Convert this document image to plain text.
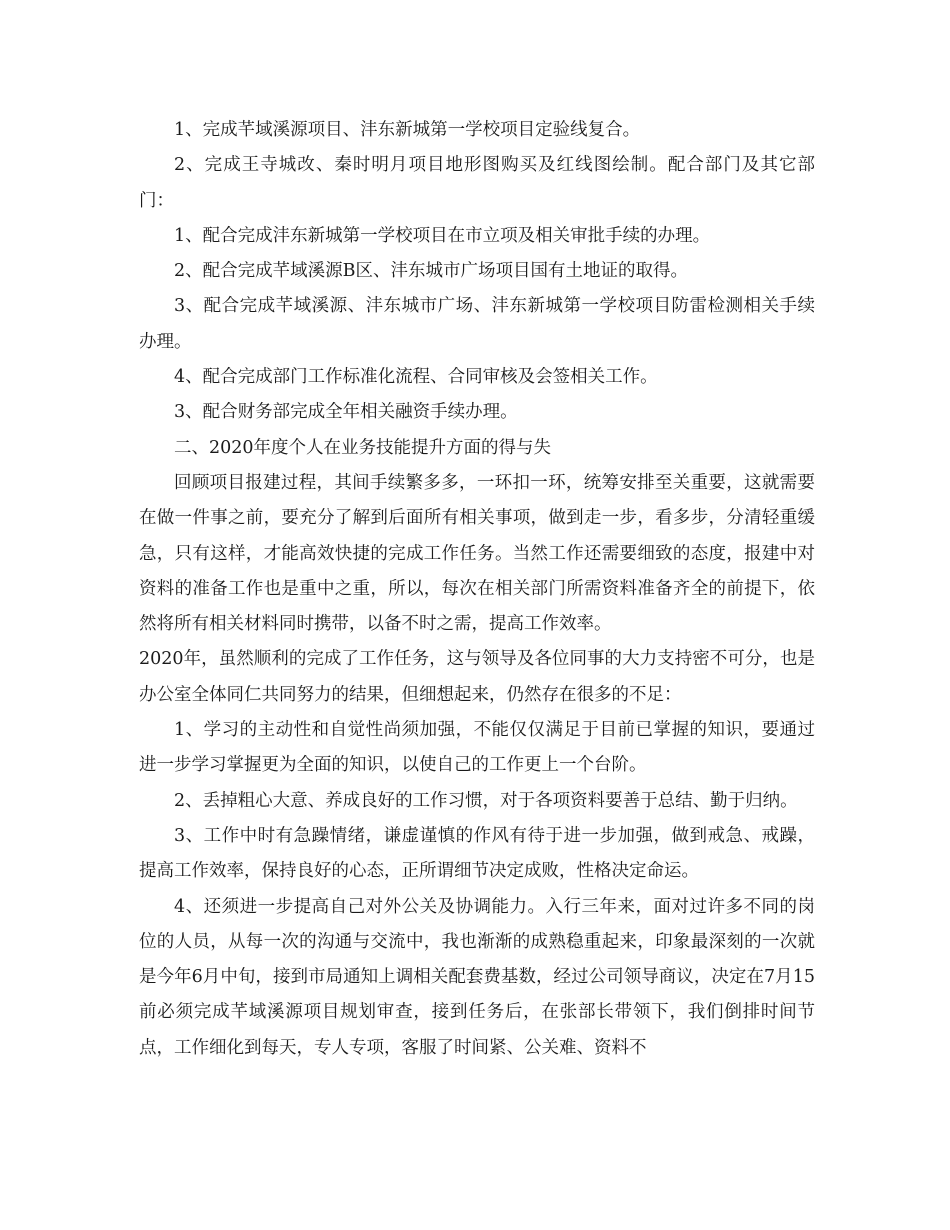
1、完成芊域溪源项目、沣东新城第一学校项目定验线复合。

2、完成王寺城改、秦时明月项目地形图购买及红线图绘制。配合部门及其它部门：

1、配合完成沣东新城第一学校项目在市立项及相关审批手续的办理。

2、配合完成芊域溪源B区、沣东城市广场项目国有土地证的取得。

3、配合完成芊域溪源、沣东城市广场、沣东新城第一学校项目防雷检测相关手续办理。

4、配合完成部门工作标准化流程、合同审核及会签相关工作。

3、配合财务部完成全年相关融资手续办理。

二、2020年度个人在业务技能提升方面的得与失

回顾项目报建过程，其间手续繁多多，一环扣一环，统筹安排至关重要，这就需要在做一件事之前，要充分了解到后面所有相关事项，做到走一步，看多步，分清轻重缓急，只有这样，才能高效快捷的完成工作任务。当然工作还需要细致的态度，报建中对资料的准备工作也是重中之重，所以，每次在相关部门所需资料准备齐全的前提下，依然将所有相关材料同时携带，以备不时之需，提高工作效率。

2020年，虽然顺利的完成了工作任务，这与领导及各位同事的大力支持密不可分，也是办公室全体同仁共同努力的结果，但细想起来，仍然存在很多的不足：

1、学习的主动性和自觉性尚须加强，不能仅仅满足于目前已掌握的知识，要通过进一步学习掌握更为全面的知识，以使自己的工作更上一个台阶。

2、丢掉粗心大意、养成良好的工作习惯，对于各项资料要善于总结、勤于归纳。

3、工作中时有急躁情绪，谦虚谨慎的作风有待于进一步加强，做到戒急、戒躁，提高工作效率，保持良好的心态，正所谓细节决定成败，性格决定命运。

4、还须进一步提高自己对外公关及协调能力。入行三年来，面对过许多不同的岗位的人员，从每一次的沟通与交流中，我也渐渐的成熟稳重起来，印象最深刻的一次就是今年6月中旬，接到市局通知上调相关配套费基数，经过公司领导商议，决定在7月15前必须完成芊域溪源项目规划审查，接到任务后，在张部长带领下，我们倒排时间节点，工作细化到每天，专人专项，客服了时间紧、公关难、资料不
